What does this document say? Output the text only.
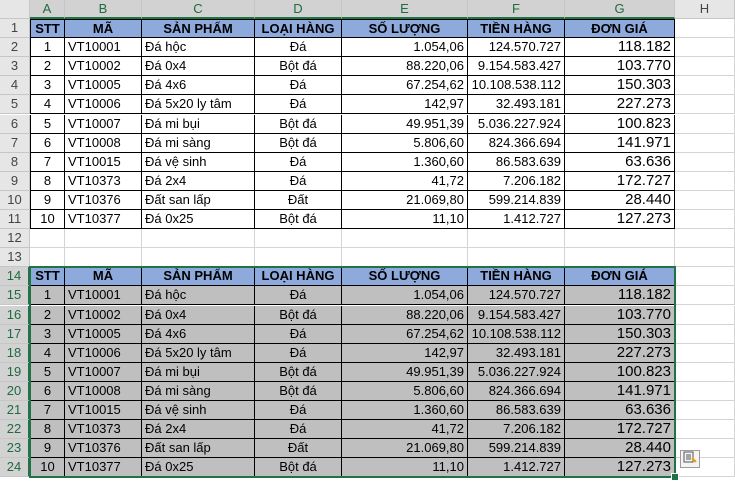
A	B	C	D	E	F	G	H
1
2
3
4
5
6
7
8
9
10
11
12
13
14
15
16
17
18
19
20
21
22
23
24
STT	MÃ	SẢN PHẨM	LOẠI HÀNG	SỐ LƯỢNG	TIỀN HÀNG	ĐƠN GIÁ
1	VT10001	Đá hộc	Đá	1.054,06	124.570.727	118.182
2	VT10002	Đá 0x4	Bột đá	88.220,06	9.154.583.427	103.770
3	VT10005	Đá 4x6	Đá	67.254,62 10.108.538.112	150.303
4	VT10006	Đá 5x20 ly tâm	Đá	142,97	32.493.181	227.273
5	VT10007	Đá mi bụi	Bột đá	49.951,39	5.036.227.924	100.823
6	VT10008	Đá mi sàng	Bột đá	5.806,60	824.366.694	141.971
7	VT10015	Đá vệ sinh	Đá	1.360,60	86.583.639	63.636
8	VT10373	Đá 2x4	Đá	41,72	7.206.182	172.727
9	VT10376	Đất san lấp	Đất	21.069,80	599.214.839	28.440
10	VT10377	Đá 0x25	Bột đá	11,10	1.412.727	127.273
STT	MÃ	SẢN PHẨM	LOẠI HÀNG	SỐ LƯỢNG	TIỀN HÀNG	ĐƠN GIÁ
1	VT10001	Đá hộc	Đá	1.054,06	124.570.727	118.182
2	VT10002	Đá 0x4	Bột đá	88.220,06	9.154.583.427	103.770
3	VT10005	Đá 4x6	Đá	67.254,62 10.108.538.112	150.303
4	VT10006	Đá 5x20 ly tâm	Đá	142,97	32.493.181	227.273
5	VT10007	Đá mi bụi	Bột đá	49.951,39	5.036.227.924	100.823
6	VT10008	Đá mi sàng	Bột đá	5.806,60	824.366.694	141.971
7	VT10015	Đá vệ sinh	Đá	1.360,60	86.583.639	63.636
8	VT10373	Đá 2x4	Đá	41,72	7.206.182	172.727
9	VT10376	Đất san lấp	Đất	21.069,80	599.214.839	28.440
10	VT10377	Đá 0x25	Bột đá	11,10	1.412.727	127.273
